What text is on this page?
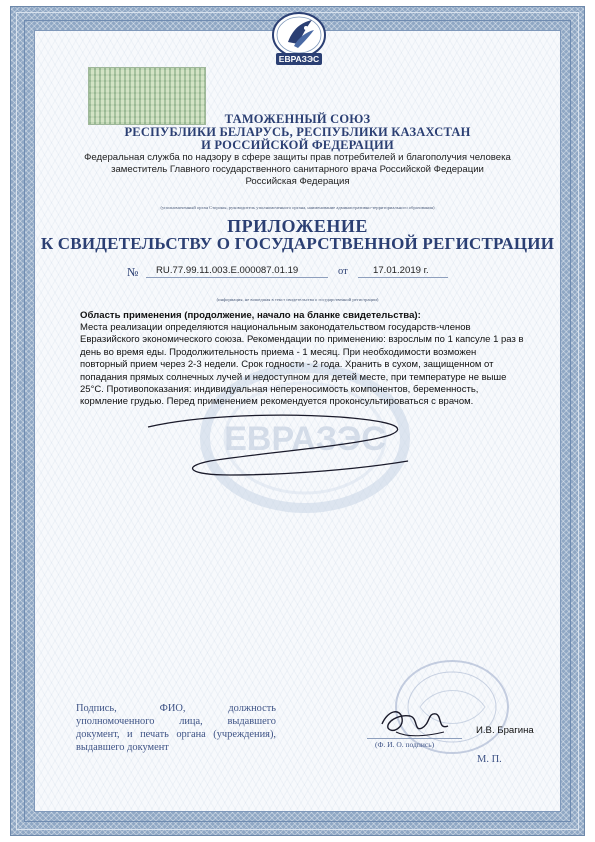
ЕВРАЗЭС
ТАМОЖЕННЫЙ СОЮЗ
РЕСПУБЛИКИ БЕЛАРУСЬ, РЕСПУБЛИКИ КАЗАХСТАН
И РОССИЙСКОЙ ФЕДЕРАЦИИ
Федеральная служба по надзору в сфере защиты прав потребителей и благополучия человека
заместитель Главного государственного санитарного врача Российской Федерации
Российская Федерация
(уполномоченный орган Стороны, руководитель уполномоченного органа, наименование административно-территориального образования)
ПРИЛОЖЕНИЕ
К СВИДЕТЕЛЬСТВУ О ГОСУДАРСТВЕННОЙ РЕГИСТРАЦИИ
№ RU.77.99.11.003.E.000087.01.19	от	17.01.2019 г.
(информация, не вошедшая в текст свидетельства о государственной регистрации)
ЕВРАЗЭС
Область применения (продолжение, начало на бланке свидетельства):
Места реализации определяются национальным законодательством государств-членов Евразийского экономического союза. Рекомендации по применению: взрослым по 1 капсуле 1 раз в день во время еды. Продолжительность приема - 1 месяц. При необходимости возможен повторный прием через 2-3 недели. Срок годности - 2 года. Хранить в сухом, защищенном от попадания прямых солнечных лучей и недоступном для детей месте, при температуре не выше 25°С. Противопоказания: индивидуальная непереносимость компонентов, беременность, кормление грудью. Перед применением рекомендуется проконсультироваться с врачом.
Подпись, ФИО, должность уполномоченного лица, выдавшего документ, и печать органа (учреждения), выдавшего документ
И.В. Брагина
(Ф. И. О. подпись)
М. П.
